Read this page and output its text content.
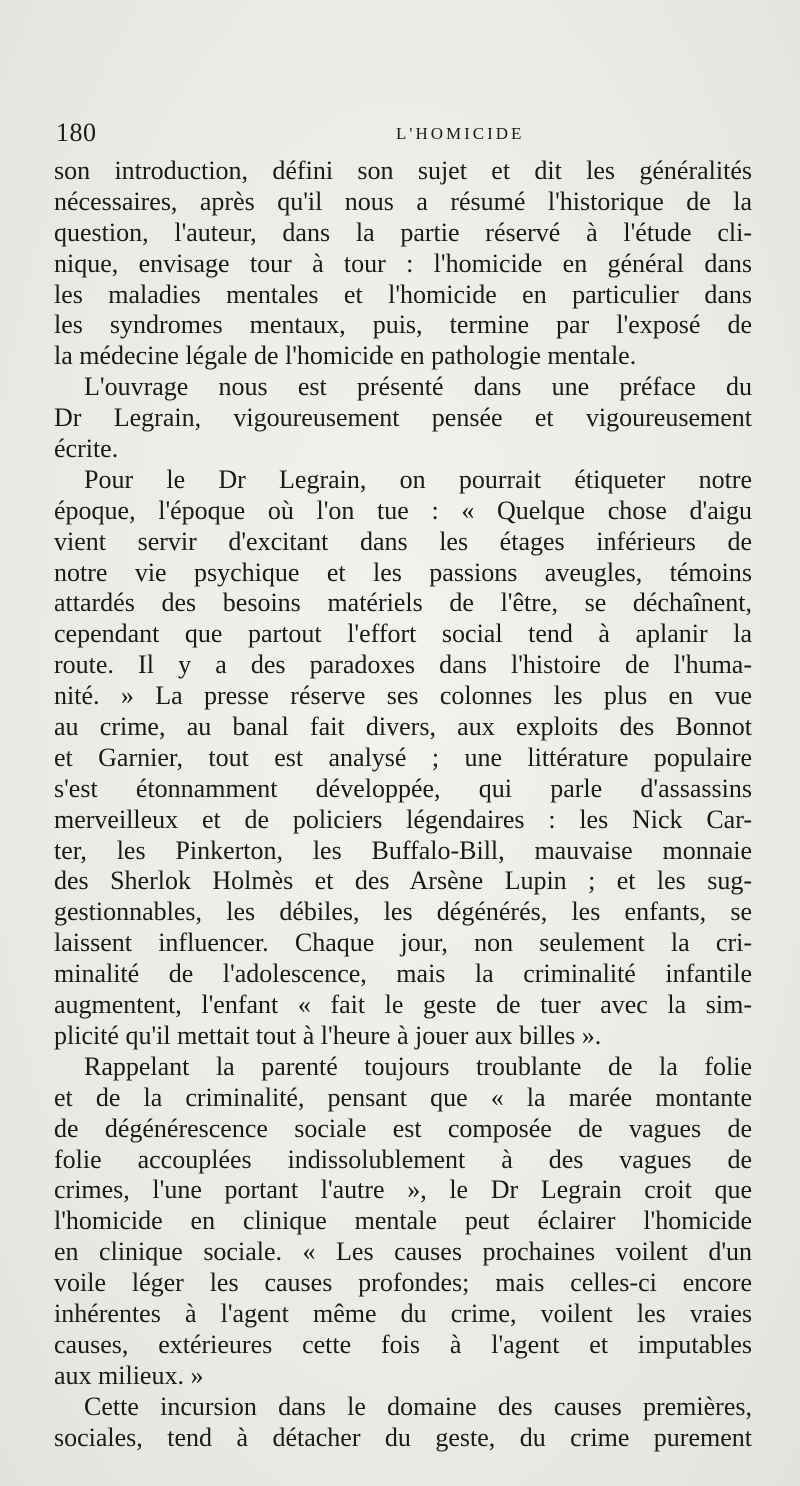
180	L'HOMICIDE
son introduction, défini son sujet et dit les généralités
nécessaires, après qu'il nous a résumé l'historique de la
question, l'auteur, dans la partie réservé à l'étude cli-
nique, envisage tour à tour : l'homicide en général dans
les maladies mentales et l'homicide en particulier dans
les syndromes mentaux, puis, termine par l'exposé de
la médecine légale de l'homicide en pathologie mentale.
L'ouvrage nous est présenté dans une préface du
Dr Legrain, vigoureusement pensée et vigoureusement
écrite.
Pour le Dr Legrain, on pourrait étiqueter notre
époque, l'époque où l'on tue : « Quelque chose d'aigu
vient servir d'excitant dans les étages inférieurs de
notre vie psychique et les passions aveugles, témoins
attardés des besoins matériels de l'être, se déchaînent,
cependant que partout l'effort social tend à aplanir la
route. Il y a des paradoxes dans l'histoire de l'huma-
nité. » La presse réserve ses colonnes les plus en vue
au crime, au banal fait divers, aux exploits des Bonnot
et Garnier, tout est analysé ; une littérature populaire
s'est étonnamment développée, qui parle d'assassins
merveilleux et de policiers légendaires : les Nick Car-
ter, les Pinkerton, les Buffalo-Bill, mauvaise monnaie
des Sherlok Holmès et des Arsène Lupin ; et les sug-
gestionnables, les débiles, les dégénérés, les enfants, se
laissent influencer. Chaque jour, non seulement la cri-
minalité de l'adolescence, mais la criminalité infantile
augmentent, l'enfant « fait le geste de tuer avec la sim-
plicité qu'il mettait tout à l'heure à jouer aux billes ».
Rappelant la parenté toujours troublante de la folie
et de la criminalité, pensant que « la marée montante
de dégénérescence sociale est composée de vagues de
folie accouplées indissolublement à des vagues de
crimes, l'une portant l'autre », le Dr Legrain croit que
l'homicide en clinique mentale peut éclairer l'homicide
en clinique sociale. « Les causes prochaines voilent d'un
voile léger les causes profondes; mais celles-ci encore
inhérentes à l'agent même du crime, voilent les vraies
causes, extérieures cette fois à l'agent et imputables
aux milieux. »
Cette incursion dans le domaine des causes premières,
sociales, tend à détacher du geste, du crime purement
